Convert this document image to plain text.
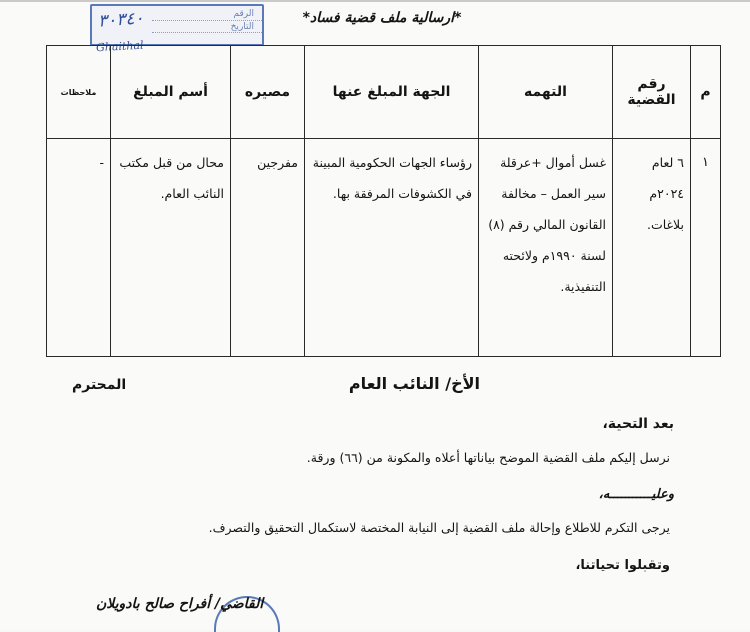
الرقم
التاريخ
٣٠٣٤٠
Ghaithal
*ارسالية ملف قضية فساد*
م	رقم القضية	التهمه	الجهة المبلغ عنها	مصيره	أسم المبلغ	ملاحظات
١	٦ لعام ٢٠٢٤م بلاغات.	غسل أموال +عرقلة سير العمل – مخالفة القانون المالي رقم (٨) لسنة ١٩٩٠م ولائحته التنفيذية.	رؤساء الجهات الحكومية المبينة في الكشوفات المرفقة بها.	مفرجين	محال من قبل مكتب النائب العام.	-
الأخ/ النائب العام
المحترم
بعد التحية،
نرسل إليكم ملف القضية الموضح بياناتها أعلاه والمكونة من (٦٦) ورقة.
وعليـــــــــــه،
يرجى التكرم للاطلاع وإحالة ملف القضية إلى النيابة المختصة لاستكمال التحقيق والتصرف.
وتقبلوا تحياتنا،
القاضي/ أفراح صالح بادويلان
